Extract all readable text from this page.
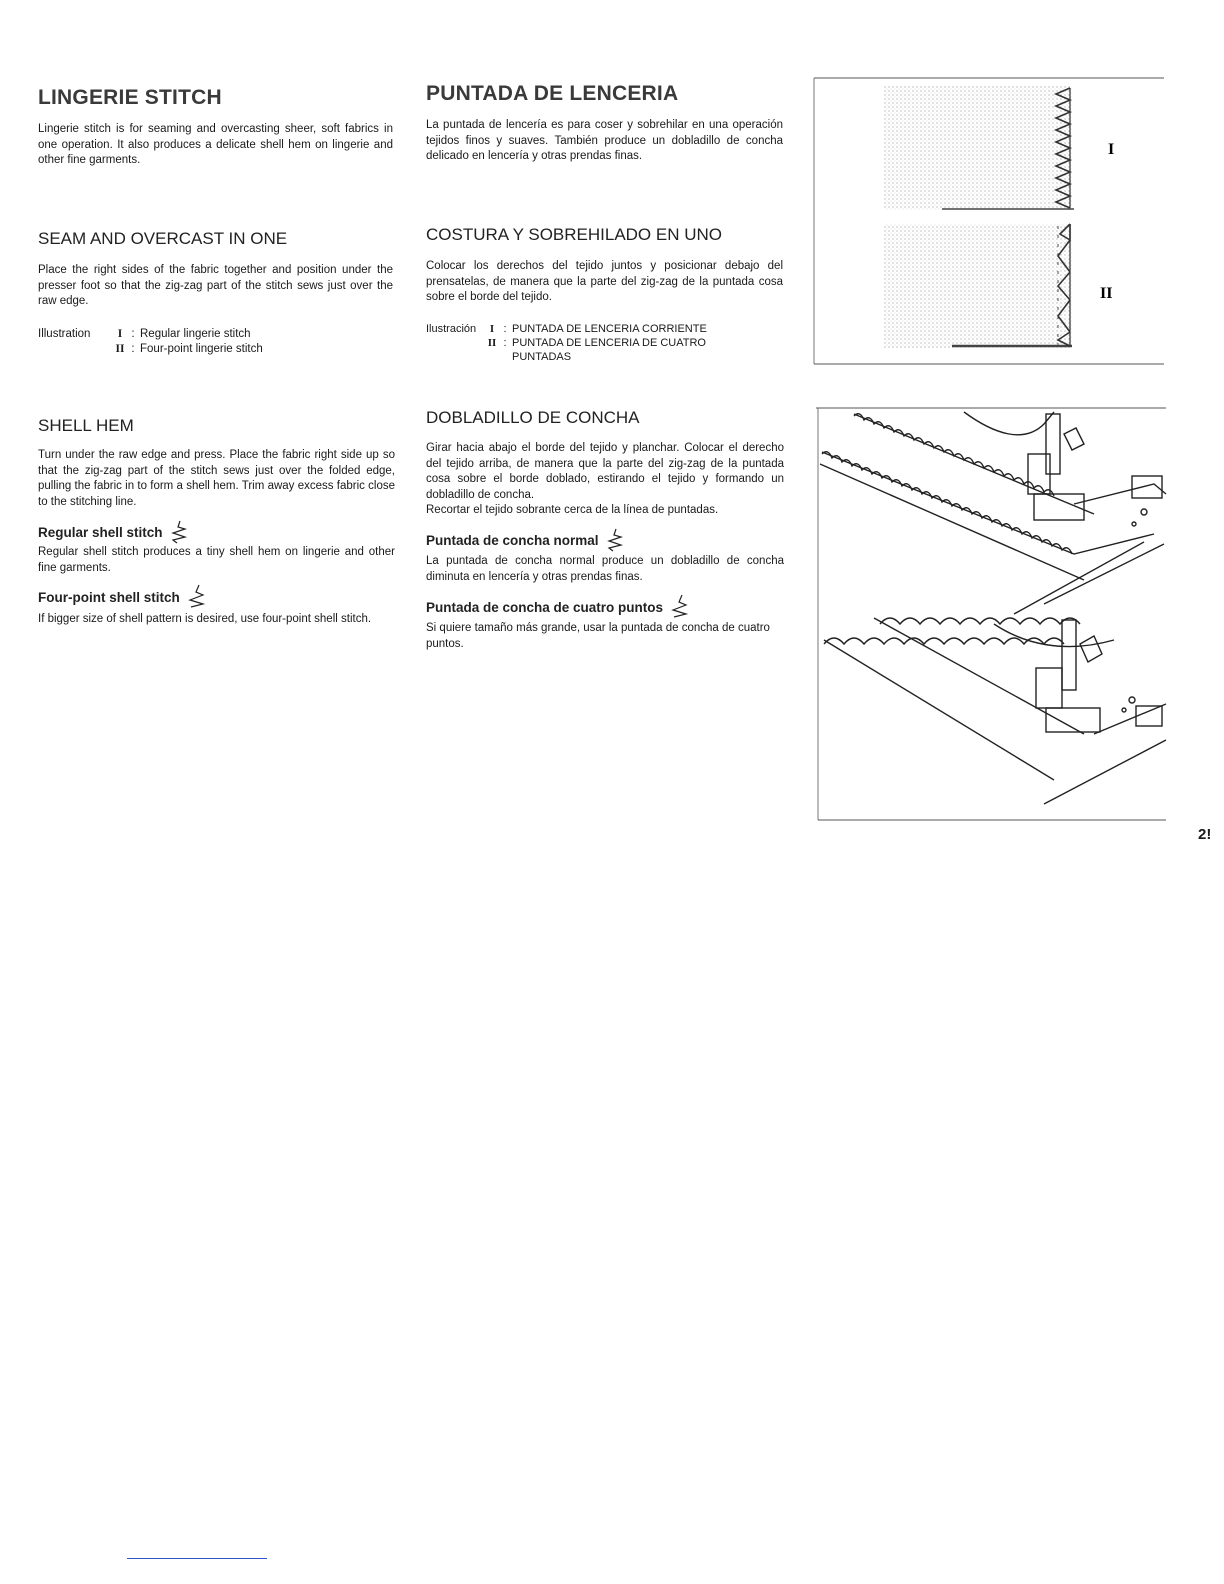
LINGERIE STITCH

Lingerie stitch is for seaming and overcasting sheer, soft fabrics in one operation. It also produces a delicate shell hem on lingerie and other fine garments.

SEAM AND OVERCAST IN ONE

Place the right sides of the fabric together and position under the presser foot so that the zig-zag part of the stitch sews just over the raw edge.

Illustration	I : Regular lingerie stitch
II : Four-point lingerie stitch
SHELL HEM

Turn under the raw edge and press. Place the fabric right side up so that the zig-zag part of the stitch sews just over the folded edge, pulling the fabric in to form a shell hem. Trim away excess fabric close to the stitching line.

Regular shell stitch

Regular shell stitch produces a tiny shell hem on lingerie and other fine garments.

Four-point shell stitch

If bigger size of shell pattern is desired, use four-point shell stitch.

PUNTADA DE LENCERIA

La puntada de lencería es para coser y sobrehilar en una operación tejidos finos y suaves. También produce un dobladillo de concha delicado en lencería y otras prendas finas.

COSTURA Y SOBREHILADO EN UNO

Colocar los derechos del tejido juntos y posicionar debajo del prensatelas, de manera que la parte del zig-zag de la puntada cosa sobre el borde del tejido.

Ilustración	I : PUNTADA DE LENCERIA CORRIENTE
II : PUNTADA DE LENCERIA DE CUATRO PUNTADAS
DOBLADILLO DE CONCHA

Girar hacia abajo el borde del tejido y planchar. Colocar el derecho del tejido arriba, de manera que la parte del zig-zag de la puntada cosa sobre el borde doblado, estirando el tejido y formando un dobladillo de concha.

Recortar el tejido sobrante cerca de la línea de puntadas.

Puntada de concha normal

La puntada de concha normal produce un dobladillo de concha diminuta en lencería y otras prendas finas.

Puntada de concha de cuatro puntos

Si quiere tamaño más grande, usar la puntada de concha de cuatro puntos.

I
II
2!
